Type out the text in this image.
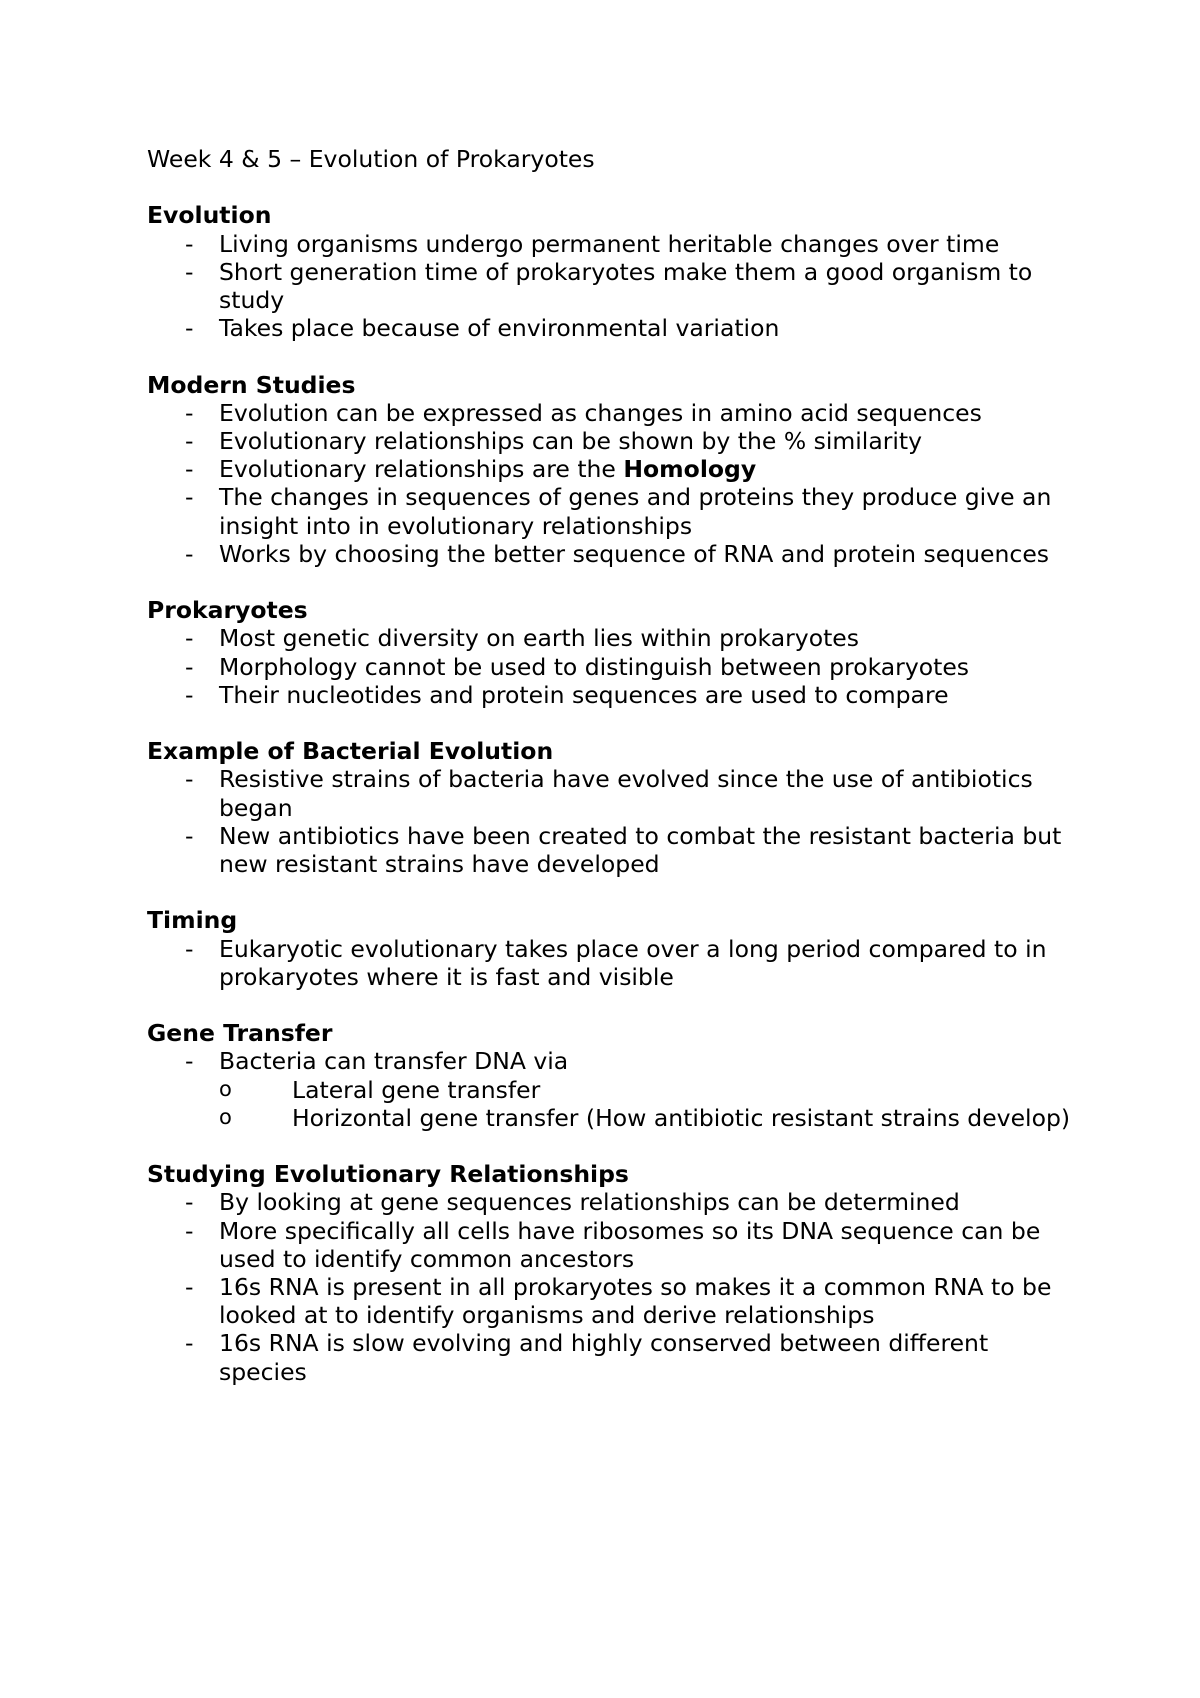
Week 4 & 5 – Evolution of Prokaryotes
Evolution
- Living organisms undergo permanent heritable changes over time
- Short generation time of prokaryotes make them a good organism to study
- Takes place because of environmental variation
Modern Studies
- Evolution can be expressed as changes in amino acid sequences
- Evolutionary relationships can be shown by the % similarity
- Evolutionary relationships are the Homology
- The changes in sequences of genes and proteins they produce give an insight into in evolutionary relationships
- Works by choosing the better sequence of RNA and protein sequences
Prokaryotes
- Most genetic diversity on earth lies within prokaryotes
- Morphology cannot be used to distinguish between prokaryotes
- Their nucleotides and protein sequences are used to compare
Example of Bacterial Evolution
- Resistive strains of bacteria have evolved since the use of antibiotics began
- New antibiotics have been created to combat the resistant bacteria but new resistant strains have developed
Timing
- Eukaryotic evolutionary takes place over a long period compared to in prokaryotes where it is fast and visible
Gene Transfer
- Bacteria can transfer DNA via
o	Lateral gene transfer
o	Horizontal gene transfer (How antibiotic resistant strains develop)
Studying Evolutionary Relationships
- By looking at gene sequences relationships can be determined
- More specifically all cells have ribosomes so its DNA sequence can be used to identify common ancestors
- 16s RNA is present in all prokaryotes so makes it a common RNA to be looked at to identify organisms and derive relationships
- 16s RNA is slow evolving and highly conserved between different species
